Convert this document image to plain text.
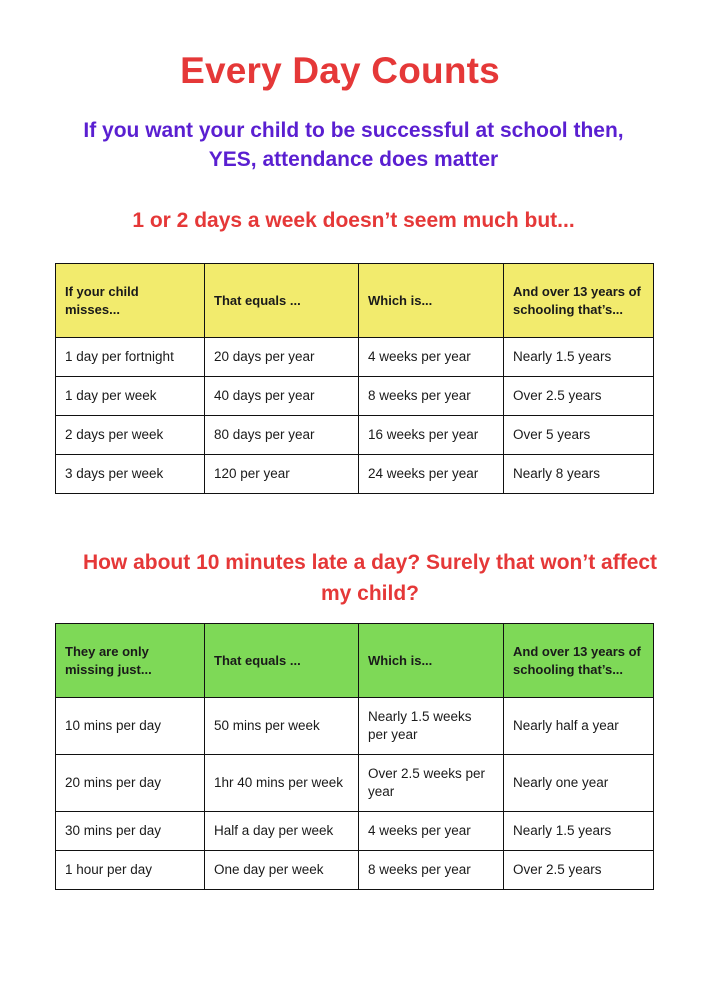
Every Day Counts
If you want your child to be successful at school then,
YES, attendance does matter
1 or 2 days a week doesn’t seem much but...
If your child misses...	That equals ...	Which is...	And over 13 years of schooling that’s...
1 day per fortnight	20 days per year	4 weeks per year	Nearly 1.5 years
1 day per week	40 days per year	8 weeks per year	Over 2.5 years
2 days per week	80 days per year	16 weeks per year	Over 5 years
3 days per week	120 per year	24 weeks per year	Nearly 8 years
How about 10 minutes late a day? Surely that won’t affect my child?
They are only missing just...	That equals ...	Which is...	And over 13 years of schooling that’s...
10 mins per day	50 mins per week	Nearly 1.5 weeks per year	Nearly half a year
20 mins per day	1hr 40 mins per week	Over 2.5 weeks per year	Nearly one year
30 mins per day	Half a day per week	4 weeks per year	Nearly 1.5 years
1 hour per day	One day per week	8 weeks per year	Over 2.5 years
